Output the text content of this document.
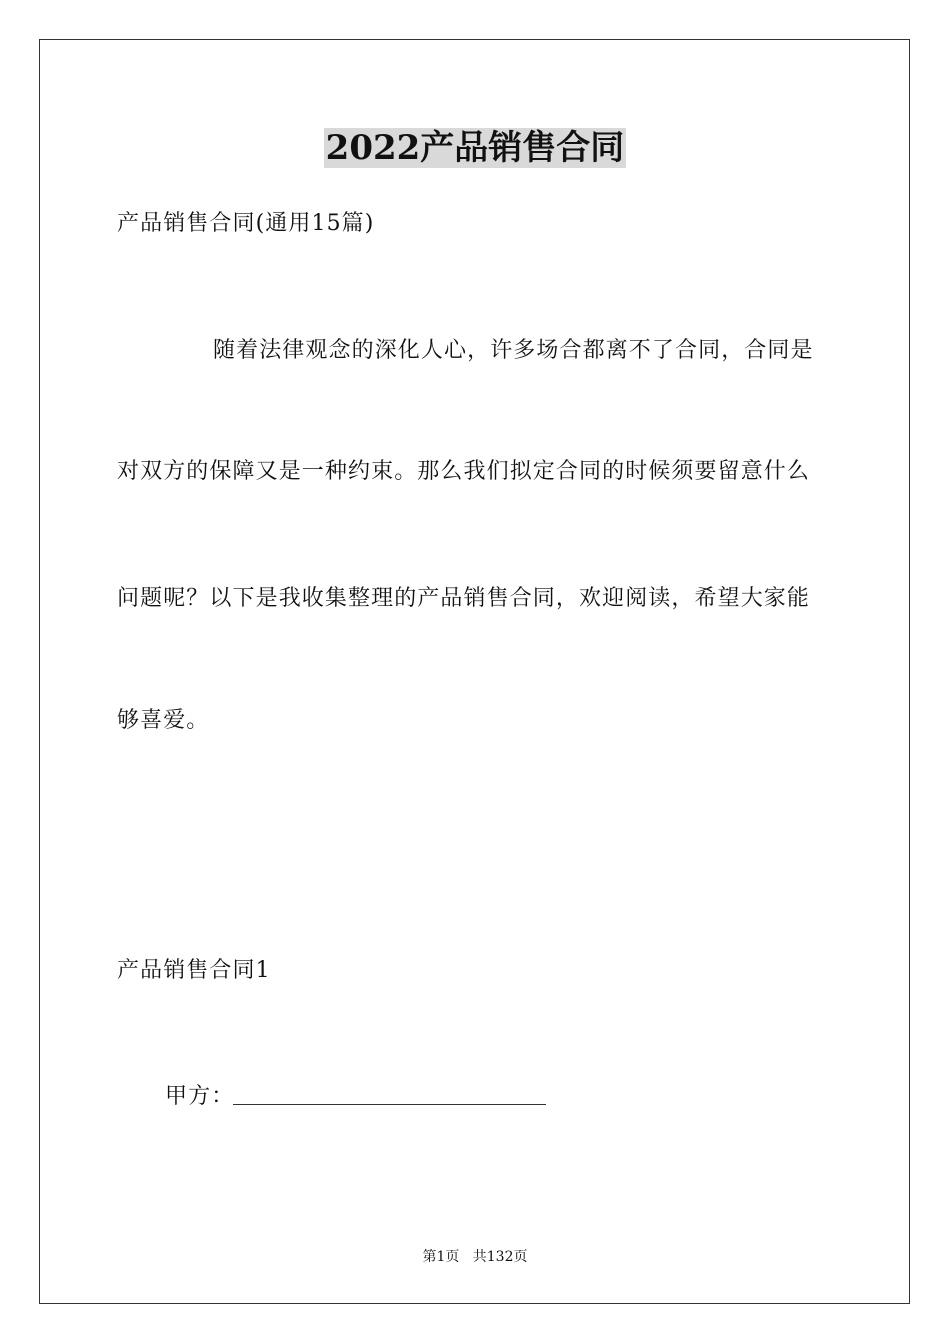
2022产品销售合同

产品销售合同(通用15篇)

随着法律观念的深化人心，许多场合都离不了合同，合同是

对双方的保障又是一种约束。那么我们拟定合同的时候须要留意什么

问题呢？以下是我收集整理的产品销售合同，欢迎阅读，希望大家能

够喜爱。

产品销售合同1

甲方：
第1页   共132页
